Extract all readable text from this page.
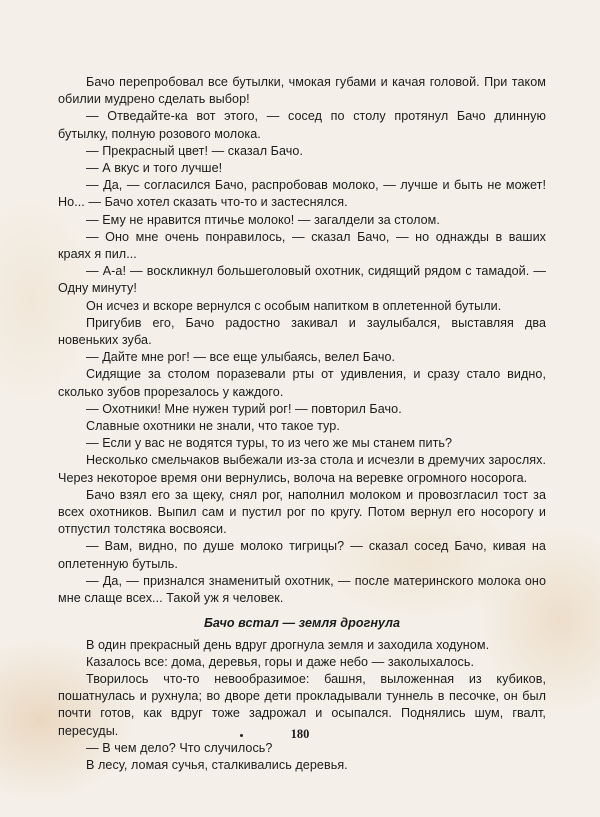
Бачо перепробовал все бутылки, чмокая губами и качая головой. При таком обилии мудрено сделать выбор!

— Отведайте-ка вот этого, — сосед по столу протянул Бачо длинную бутылку, полную розового молока.

— Прекрасный цвет! — сказал Бачо.

— А вкус и того лучше!

— Да, — согласился Бачо, распробовав молоко, — лучше и быть не может! Но... — Бачо хотел сказать что-то и застеснялся.

— Ему не нравится птичье молоко! — загалдели за столом.

— Оно мне очень понравилось, — сказал Бачо, — но однажды в ваших краях я пил...

— А-а! — воскликнул большеголовый охотник, сидящий рядом с тамадой. — Одну минуту!

Он исчез и вскоре вернулся с особым напитком в оплетенной бутыли.

Пригубив его, Бачо радостно закивал и заулыбался, выставляя два новеньких зуба.

— Дайте мне рог! — все еще улыбаясь, велел Бачо.

Сидящие за столом поразевали рты от удивления, и сразу стало видно, сколько зубов прорезалось у каждого.

— Охотники! Мне нужен турий рог! — повторил Бачо.

Славные охотники не знали, что такое тур.

— Если у вас не водятся туры, то из чего же мы станем пить?

Несколько смельчаков выбежали из-за стола и исчезли в дремучих зарослях. Через некоторое время они вернулись, волоча на веревке огромного носорога.

Бачо взял его за щеку, снял рог, наполнил молоком и провозгласил тост за всех охотников. Выпил сам и пустил рог по кругу. Потом вернул его носорогу и отпустил толстяка восвояси.

— Вам, видно, по душе молоко тигрицы? — сказал сосед Бачо, кивая на оплетенную бутыль.

— Да, — признался знаменитый охотник, — после материнского молока оно мне слаще всех... Такой уж я человек.

Бачо встал — земля дрогнула

В один прекрасный день вдруг дрогнула земля и заходила ходуном.

Казалось все: дома, деревья, горы и даже небо — заколыхалось.

Творилось что-то невообразимое: башня, выложенная из кубиков, пошатнулась и рухнула; во дворе дети прокладывали туннель в песочке, он был почти готов, как вдруг тоже задрожал и осыпался. Поднялись шум, гвалт, пересуды.

— В чем дело? Что случилось?

В лесу, ломая сучья, сталкивались деревья.

180
